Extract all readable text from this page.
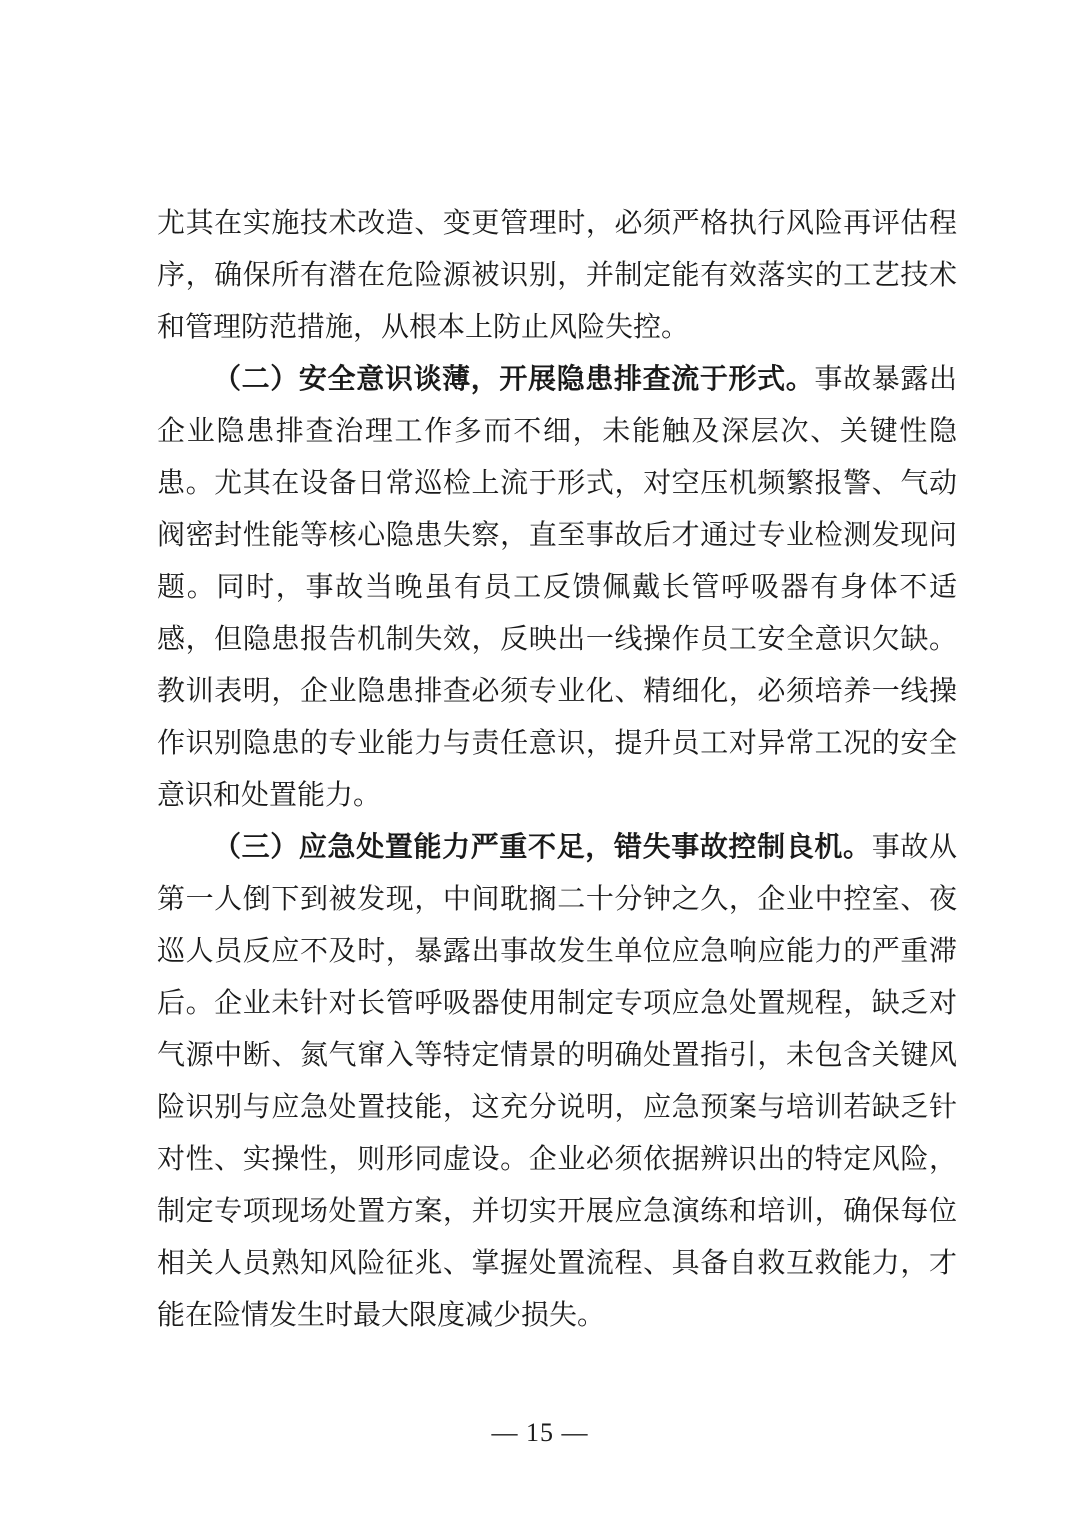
尤其在实施技术改造、变更管理时，必须严格执行风险再评估程序，确保所有潜在危险源被识别，并制定能有效落实的工艺技术和管理防范措施，从根本上防止风险失控。

（二）安全意识谈薄，开展隐患排查流于形式。事故暴露出企业隐患排查治理工作多而不细，未能触及深层次、关键性隐患。尤其在设备日常巡检上流于形式，对空压机频繁报警、气动阀密封性能等核心隐患失察，直至事故后才通过专业检测发现问题。同时，事故当晚虽有员工反馈佩戴长管呼吸器有身体不适感，但隐患报告机制失效，反映出一线操作员工安全意识欠缺。教训表明，企业隐患排查必须专业化、精细化，必须培养一线操作识别隐患的专业能力与责任意识，提升员工对异常工况的安全意识和处置能力。

（三）应急处置能力严重不足，错失事故控制良机。事故从第一人倒下到被发现，中间耽搁二十分钟之久，企业中控室、夜巡人员反应不及时，暴露出事故发生单位应急响应能力的严重滞后。企业未针对长管呼吸器使用制定专项应急处置规程，缺乏对气源中断、氮气窜入等特定情景的明确处置指引，未包含关键风险识别与应急处置技能，这充分说明，应急预案与培训若缺乏针对性、实操性，则形同虚设。企业必须依据辨识出的特定风险，制定专项现场处置方案，并切实开展应急演练和培训，确保每位相关人员熟知风险征兆、掌握处置流程、具备自救互救能力，才能在险情发生时最大限度减少损失。

— 15 —
